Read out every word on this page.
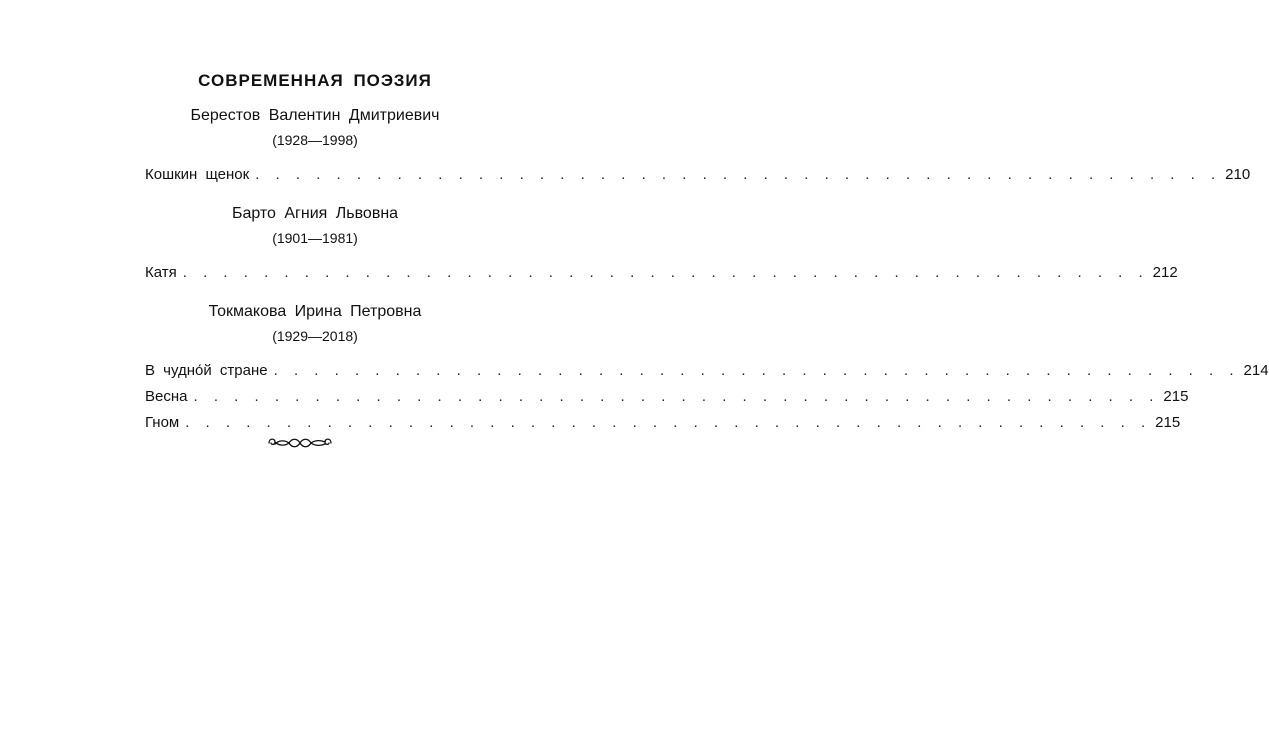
СОВРЕМЕННАЯ ПОЭЗИЯ
Берестов Валентин Дмитриевич
(1928—1998)
Кошкин щенок . . . . . . . . . . . . . . . . . . . . . . . . . . . . . . . . . . . . . . . . . . . . . . . . 210
Барто Агния Львовна
(1901—1981)
Катя . . . . . . . . . . . . . . . . . . . . . . . . . . . . . . . . . . . . . . . . . . . . . . . . 212
Токмакова Ирина Петровна
(1929—2018)
В чудно́й стране . . . . . . . . . . . . . . . . . . . . . . . . . . . . . . . . . . . . . . . . . . . . . . . . 214
Весна . . . . . . . . . . . . . . . . . . . . . . . . . . . . . . . . . . . . . . . . . . . . . . . . 215
Гном . . . . . . . . . . . . . . . . . . . . . . . . . . . . . . . . . . . . . . . . . . . . . . . . 215
